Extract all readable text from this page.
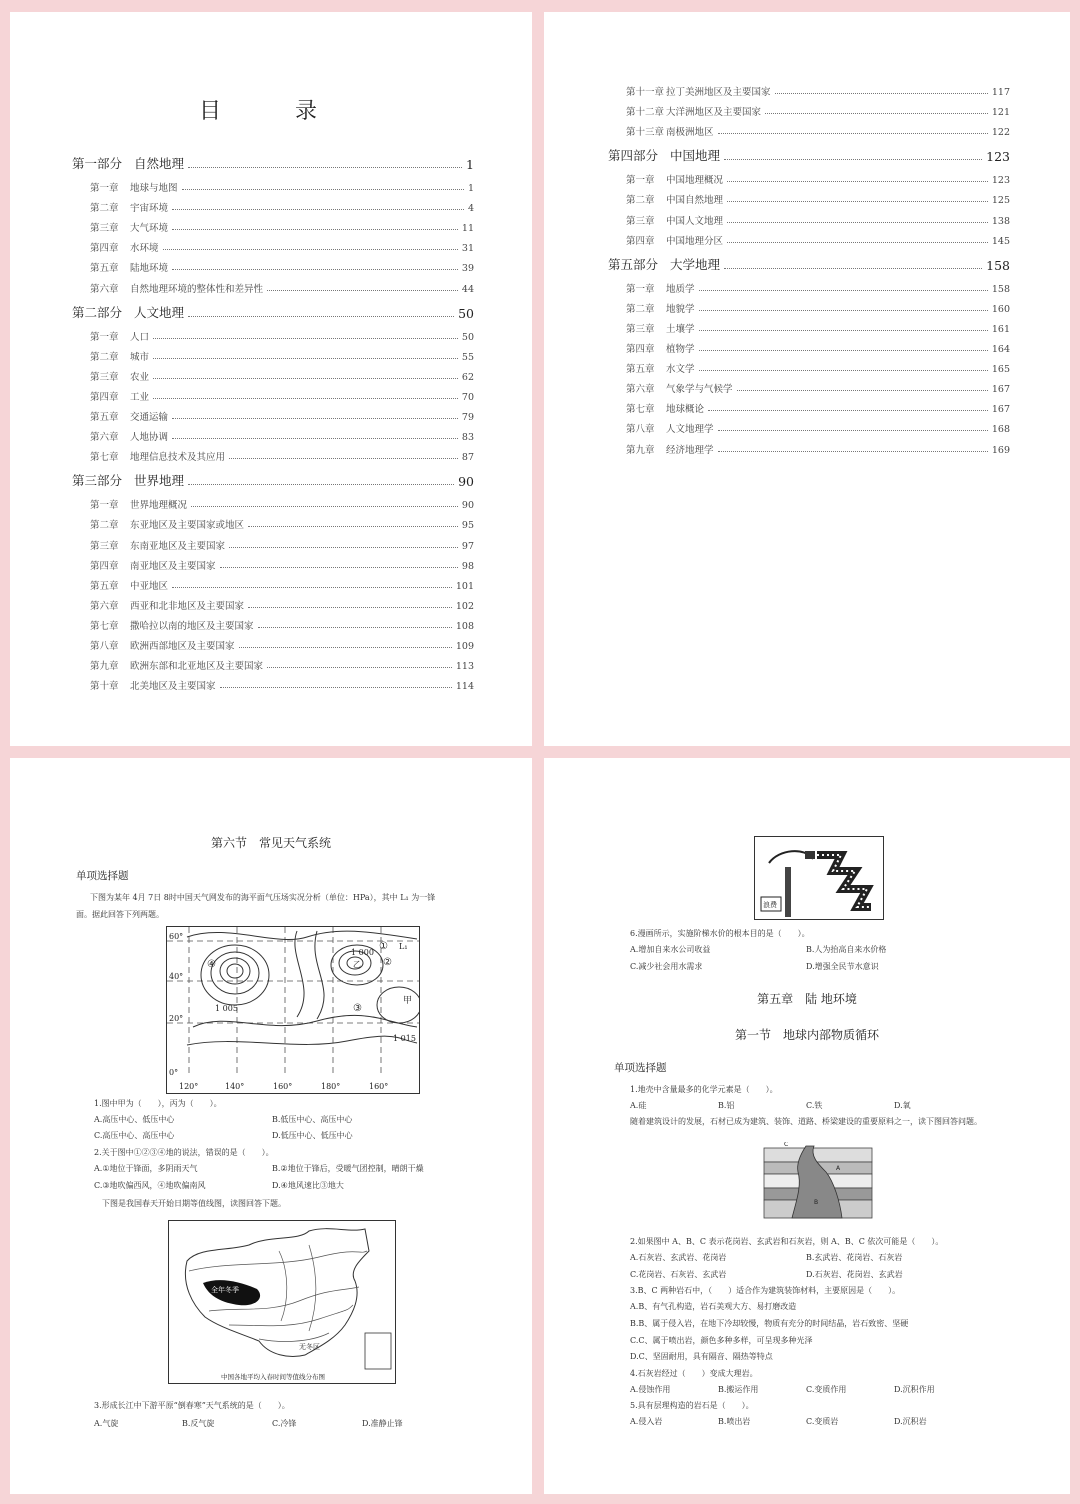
目　录
第一部分 自然地理	1
第一章 地球与地图	1
第二章 宇宙环境	4
第三章 大气环境	11
第四章 水环境	31
第五章 陆地环境	39
第六章 自然地理环境的整体性和差异性	44
第二部分 人文地理	50
第一章 人口	50
第二章 城市	55
第三章 农业	62
第四章 工业	70
第五章 交通运输	79
第六章 人地协调	83
第七章 地理信息技术及其应用	87
第三部分 世界地理	90
第一章 世界地理概况	90
第二章 东亚地区及主要国家或地区	95
第三章 东南亚地区及主要国家	97
第四章 南亚地区及主要国家	98
第五章 中亚地区	101
第六章 西亚和北非地区及主要国家	102
第七章 撒哈拉以南的地区及主要国家	108
第八章 欧洲西部地区及主要国家	109
第九章 欧洲东部和北亚地区及主要国家	113
第十章 北美地区及主要国家	114
第十一章 拉丁美洲地区及主要国家	117
第十二章 大洋洲地区及主要国家	121
第十三章 南极洲地区	122
第四部分 中国地理	123
第一章 中国地理概况	123
第二章 中国自然地理	125
第三章 中国人文地理	138
第四章 中国地理分区	145
第五部分 大学地理	158
第一章 地质学	158
第二章 地貌学	160
第三章 土壤学	161
第四章 植物学	164
第五章 水文学	165
第六章 气象学与气候学	167
第七章 地球概论	167
第八章 人文地理学	168
第九章 经济地理学	169
第六节　常见天气系统
单项选择题
下图为某年 4月 7日 8时中国天气网发布的海平面气压场实况分析（单位：HPa），其中 L₁ 为一锋
面。据此回答下列两题。
60°
40°
20°
0°
120°	140°	160°	180°	160°
1 000
1 005
1 015
①
②
③
④
甲
乙
L₁
1.图中甲为（　　），丙为（　　）。
A.高压中心、低压中心	B.低压中心、高压中心
C.高压中心、高压中心	D.低压中心、低压中心
2.关于图中①②③④地的说法，错误的是（　　）。
A.①地位于锋面，多阴雨天气	B.②地位于锋后，受暖气团控制，晴朗干燥
C.③地吹偏西风，④地吹偏南风	D.④地风速比③地大
下图是我国春天开始日期等值线图，读图回答下题。
全年冬季
无冬区
中国各地平均入春时间等值线分布图
3.形成长江中下游平原“倒春寒”天气系统的是（　　）。
A.气旋	B.反气旋	C.冷锋	D.准静止锋
浪费
6.漫画所示，实施阶梯水价的根本目的是（　　）。
A.增加自来水公司收益	B.人为抬高自来水价格
C.减少社会用水需求	D.增强全民节水意识
第五章　陆 地环境
第一节　地球内部物质循环
单项选择题
1.地壳中含量最多的化学元素是（　　）。
A.硅	B.铝	C.铁	D.氧
随着建筑设计的发展，石材已成为建筑、装饰、道路、桥梁建设的重要原料之一，读下图回答问题。
C
A
B
2.如果图中 A、B、C 表示花岗岩、玄武岩和石灰岩，则 A、B、C 依次可能是（　　）。
A.石灰岩、玄武岩、花岗岩	B.玄武岩、花岗岩、石灰岩
C.花岗岩、石灰岩、玄武岩	D.石灰岩、花岗岩、玄武岩
3.B、C 两种岩石中，（　　）适合作为建筑装饰材料，主要原因是（　　）。
A.B、有气孔构造，岩石美观大方、易打磨改造
B.B、属于侵入岩，在地下冷却较慢，物质有充分的时间结晶，岩石致密、坚硬
C.C、属于喷出岩，颜色多种多样，可呈现多种光泽
D.C、坚固耐用，具有隔音、隔热等特点
4.石灰岩经过（　　）变成大理岩。
A.侵蚀作用	B.搬运作用	C.变质作用	D.沉积作用
5.具有层理构造的岩石是（　　）。
A.侵入岩	B.喷出岩	C.变质岩	D.沉积岩
